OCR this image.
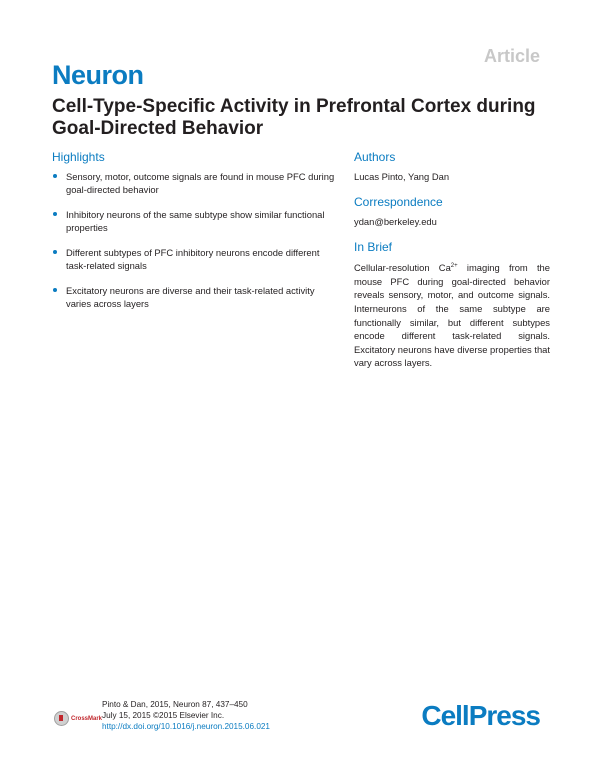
Article
Neuron
Cell-Type-Specific Activity in Prefrontal Cortex during Goal-Directed Behavior
Highlights
Sensory, motor, outcome signals are found in mouse PFC during goal-directed behavior
Inhibitory neurons of the same subtype show similar functional properties
Different subtypes of PFC inhibitory neurons encode different task-related signals
Excitatory neurons are diverse and their task-related activity varies across layers
Authors
Lucas Pinto, Yang Dan
Correspondence
ydan@berkeley.edu
In Brief
Cellular-resolution $Ca^{2+}$ imaging from the mouse PFC during goal-directed behavior reveals sensory, motor, and outcome signals. Interneurons of the same subtype are functionally similar, but different subtypes encode different task-related signals. Excitatory neurons have diverse properties that vary across layers.
CrossMark
Pinto & Dan, 2015, Neuron 87, 437–450
July 15, 2015 ©2015 Elsevier Inc.
http://dx.doi.org/10.1016/j.neuron.2015.06.021	CellPress
